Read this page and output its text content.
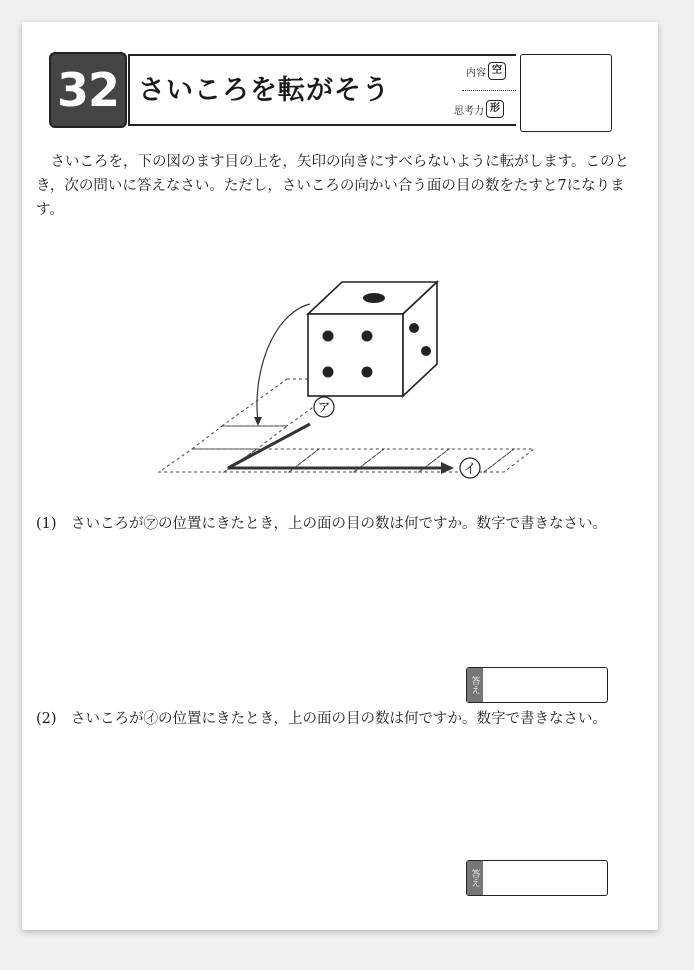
32 さいころを転がそう
内容 空
思考力 形
さいころを，下の図のます目の上を，矢印の向きにすべらないように転がします。このとき，次の問いに答えなさい。ただし，さいころの向かい合う面の目の数をたすと7になります。
ア
イ
(1)　さいころが㋐の位置にきたとき，上の面の目の数は何ですか。数字で書きなさい。
答え
(2)　さいころが㋑の位置にきたとき，上の面の目の数は何ですか。数字で書きなさい。
答え
